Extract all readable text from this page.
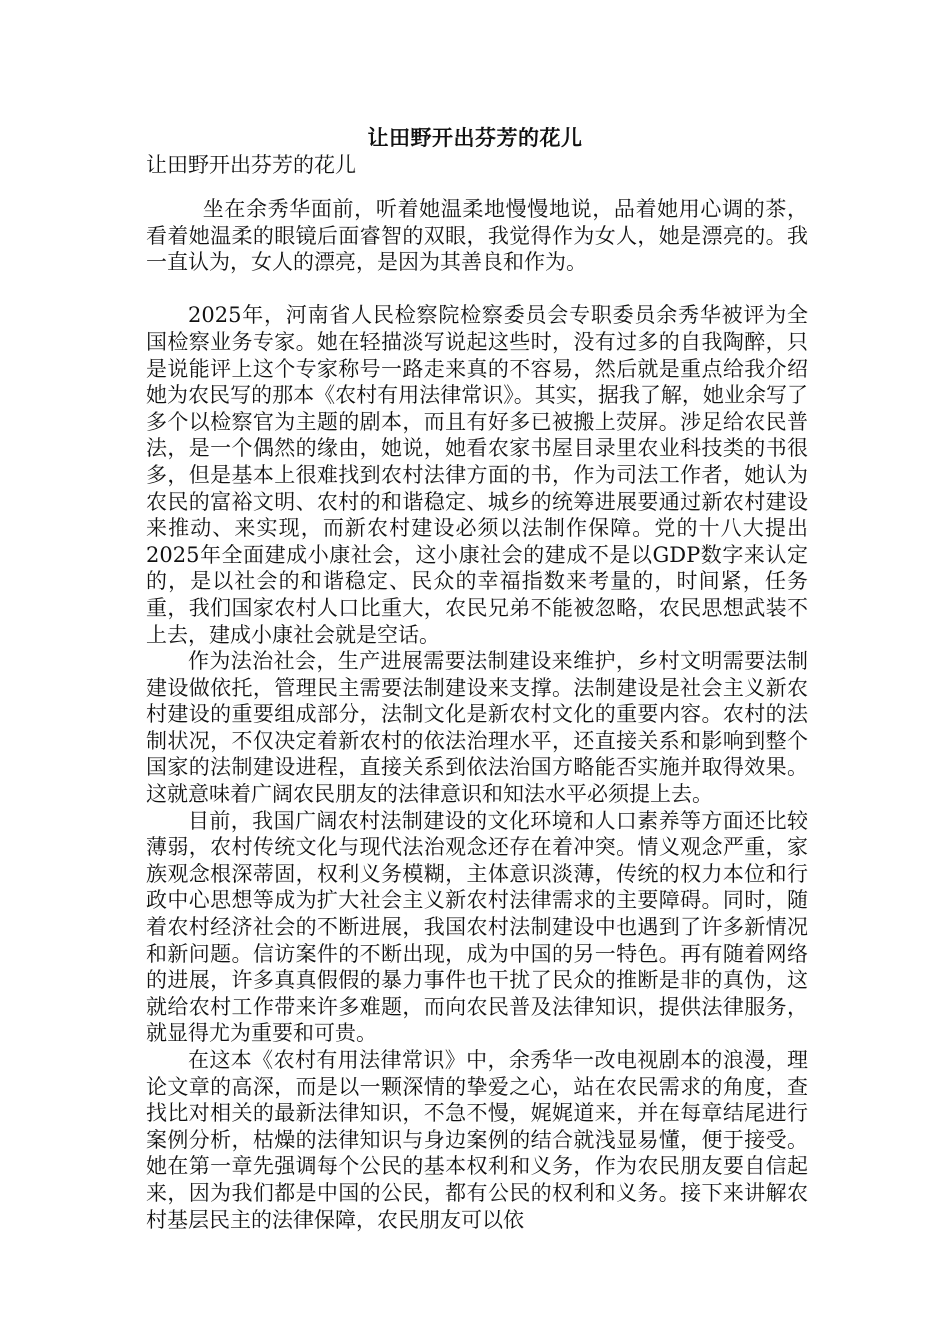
让田野开出芬芳的花儿
让田野开出芬芳的花儿

坐在余秀华面前，听着她温柔地慢慢地说，品着她用心调的茶，看着她温柔的眼镜后面睿智的双眼，我觉得作为女人，她是漂亮的。我一直认为，女人的漂亮，是因为其善良和作为。

2025年，河南省人民检察院检察委员会专职委员余秀华被评为全国检察业务专家。她在轻描淡写说起这些时，没有过多的自我陶醉，只是说能评上这个专家称号一路走来真的不容易，然后就是重点给我介绍她为农民写的那本《农村有用法律常识》。其实，据我了解，她业余写了多个以检察官为主题的剧本，而且有好多已被搬上荧屏。涉足给农民普法，是一个偶然的缘由，她说，她看农家书屋目录里农业科技类的书很多，但是基本上很难找到农村法律方面的书，作为司法工作者，她认为农民的富裕文明、农村的和谐稳定、城乡的统筹进展要通过新农村建设来推动、来实现，而新农村建设必须以法制作保障。党的十八大提出2025年全面建成小康社会，这小康社会的建成不是以GDP数字来认定的，是以社会的和谐稳定、民众的幸福指数来考量的，时间紧，任务重，我们国家农村人口比重大，农民兄弟不能被忽略，农民思想武装不上去，建成小康社会就是空话。

作为法治社会，生产进展需要法制建设来维护，乡村文明需要法制建设做依托，管理民主需要法制建设来支撑。法制建设是社会主义新农村建设的重要组成部分，法制文化是新农村文化的重要内容。农村的法制状况，不仅决定着新农村的依法治理水平，还直接关系和影响到整个国家的法制建设进程，直接关系到依法治国方略能否实施并取得效果。这就意味着广阔农民朋友的法律意识和知法水平必须提上去。

目前，我国广阔农村法制建设的文化环境和人口素养等方面还比较薄弱，农村传统文化与现代法治观念还存在着冲突。情义观念严重，家族观念根深蒂固，权利义务模糊，主体意识淡薄，传统的权力本位和行政中心思想等成为扩大社会主义新农村法律需求的主要障碍。同时，随着农村经济社会的不断进展，我国农村法制建设中也遇到了许多新情况和新问题。信访案件的不断出现，成为中国的另一特色。再有随着网络的进展，许多真真假假的暴力事件也干扰了民众的推断是非的真伪，这就给农村工作带来许多难题，而向农民普及法律知识，提供法律服务，就显得尤为重要和可贵。

在这本《农村有用法律常识》中，余秀华一改电视剧本的浪漫，理论文章的高深，而是以一颗深情的挚爱之心，站在农民需求的角度，查找比对相关的最新法律知识，不急不慢，娓娓道来，并在每章结尾进行案例分析，枯燥的法律知识与身边案例的结合就浅显易懂，便于接受。她在第一章先强调每个公民的基本权利和义务，作为农民朋友要自信起来，因为我们都是中国的公民，都有公民的权利和义务。接下来讲解农村基层民主的法律保障，农民朋友可以依
